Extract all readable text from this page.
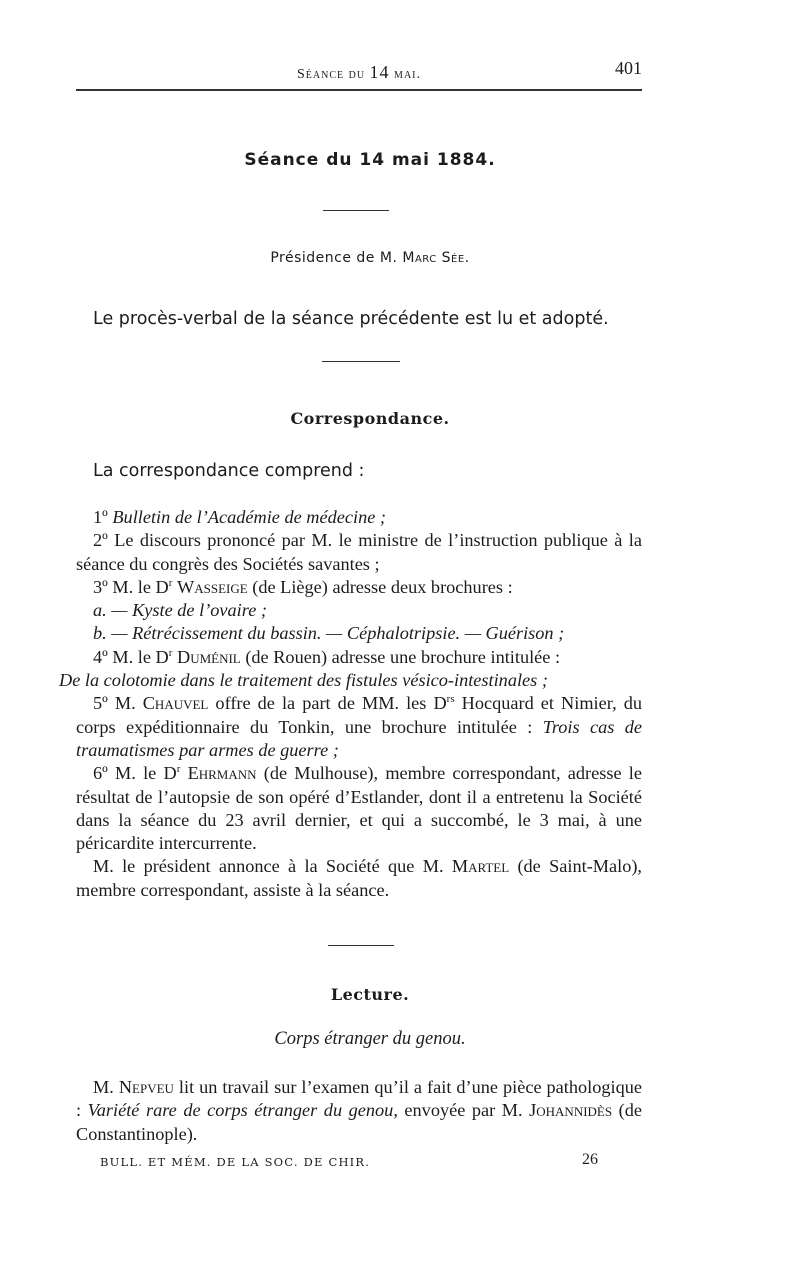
Séance du 14 mai.	401
Séance du 14 mai 1884.
Présidence de M. Marc Sée.
Le procès-verbal de la séance précédente est lu et adopté.
Correspondance.
La correspondance comprend :

1º Bulletin de l’Académie de médecine ;

2º Le discours prononcé par M. le ministre de l’instruction publique à la séance du congrès des Sociétés savantes ;

3º M. le $D^r$ Wasseige (de Liège) adresse deux brochures :

a. — Kyste de l’ovaire ;

b. — Rétrécissement du bassin. — Céphalotripsie. — Guérison ;

4º M. le $D^r$ Duménil (de Rouen) adresse une brochure intitulée :
De la colotomie dans le traitement des fistules vésico-intestinales ;

5º M. Chauvel offre de la part de MM. les $D^{rs}$ Hocquard et Nimier, du corps expéditionnaire du Tonkin, une brochure intitulée : Trois cas de traumatismes par armes de guerre ;

6º M. le $D^r$ Ehrmann (de Mulhouse), membre correspondant, adresse le résultat de l’autopsie de son opéré d’Estlander, dont il a entretenu la Société dans la séance du 23 avril dernier, et qui a succombé, le 3 mai, à une péricardite intercurrente.

M. le président annonce à la Société que M. Martel (de Saint-Malo), membre correspondant, assiste à la séance.

Lecture.
Corps étranger du genou.

M. Nepveu lit un travail sur l’examen qu’il a fait d’une pièce pathologique : Variété rare de corps étranger du genou, envoyée par M. Johannidès (de Constantinople).

BULL. ET MÉM. DE LA SOC. DE CHIR.	26
